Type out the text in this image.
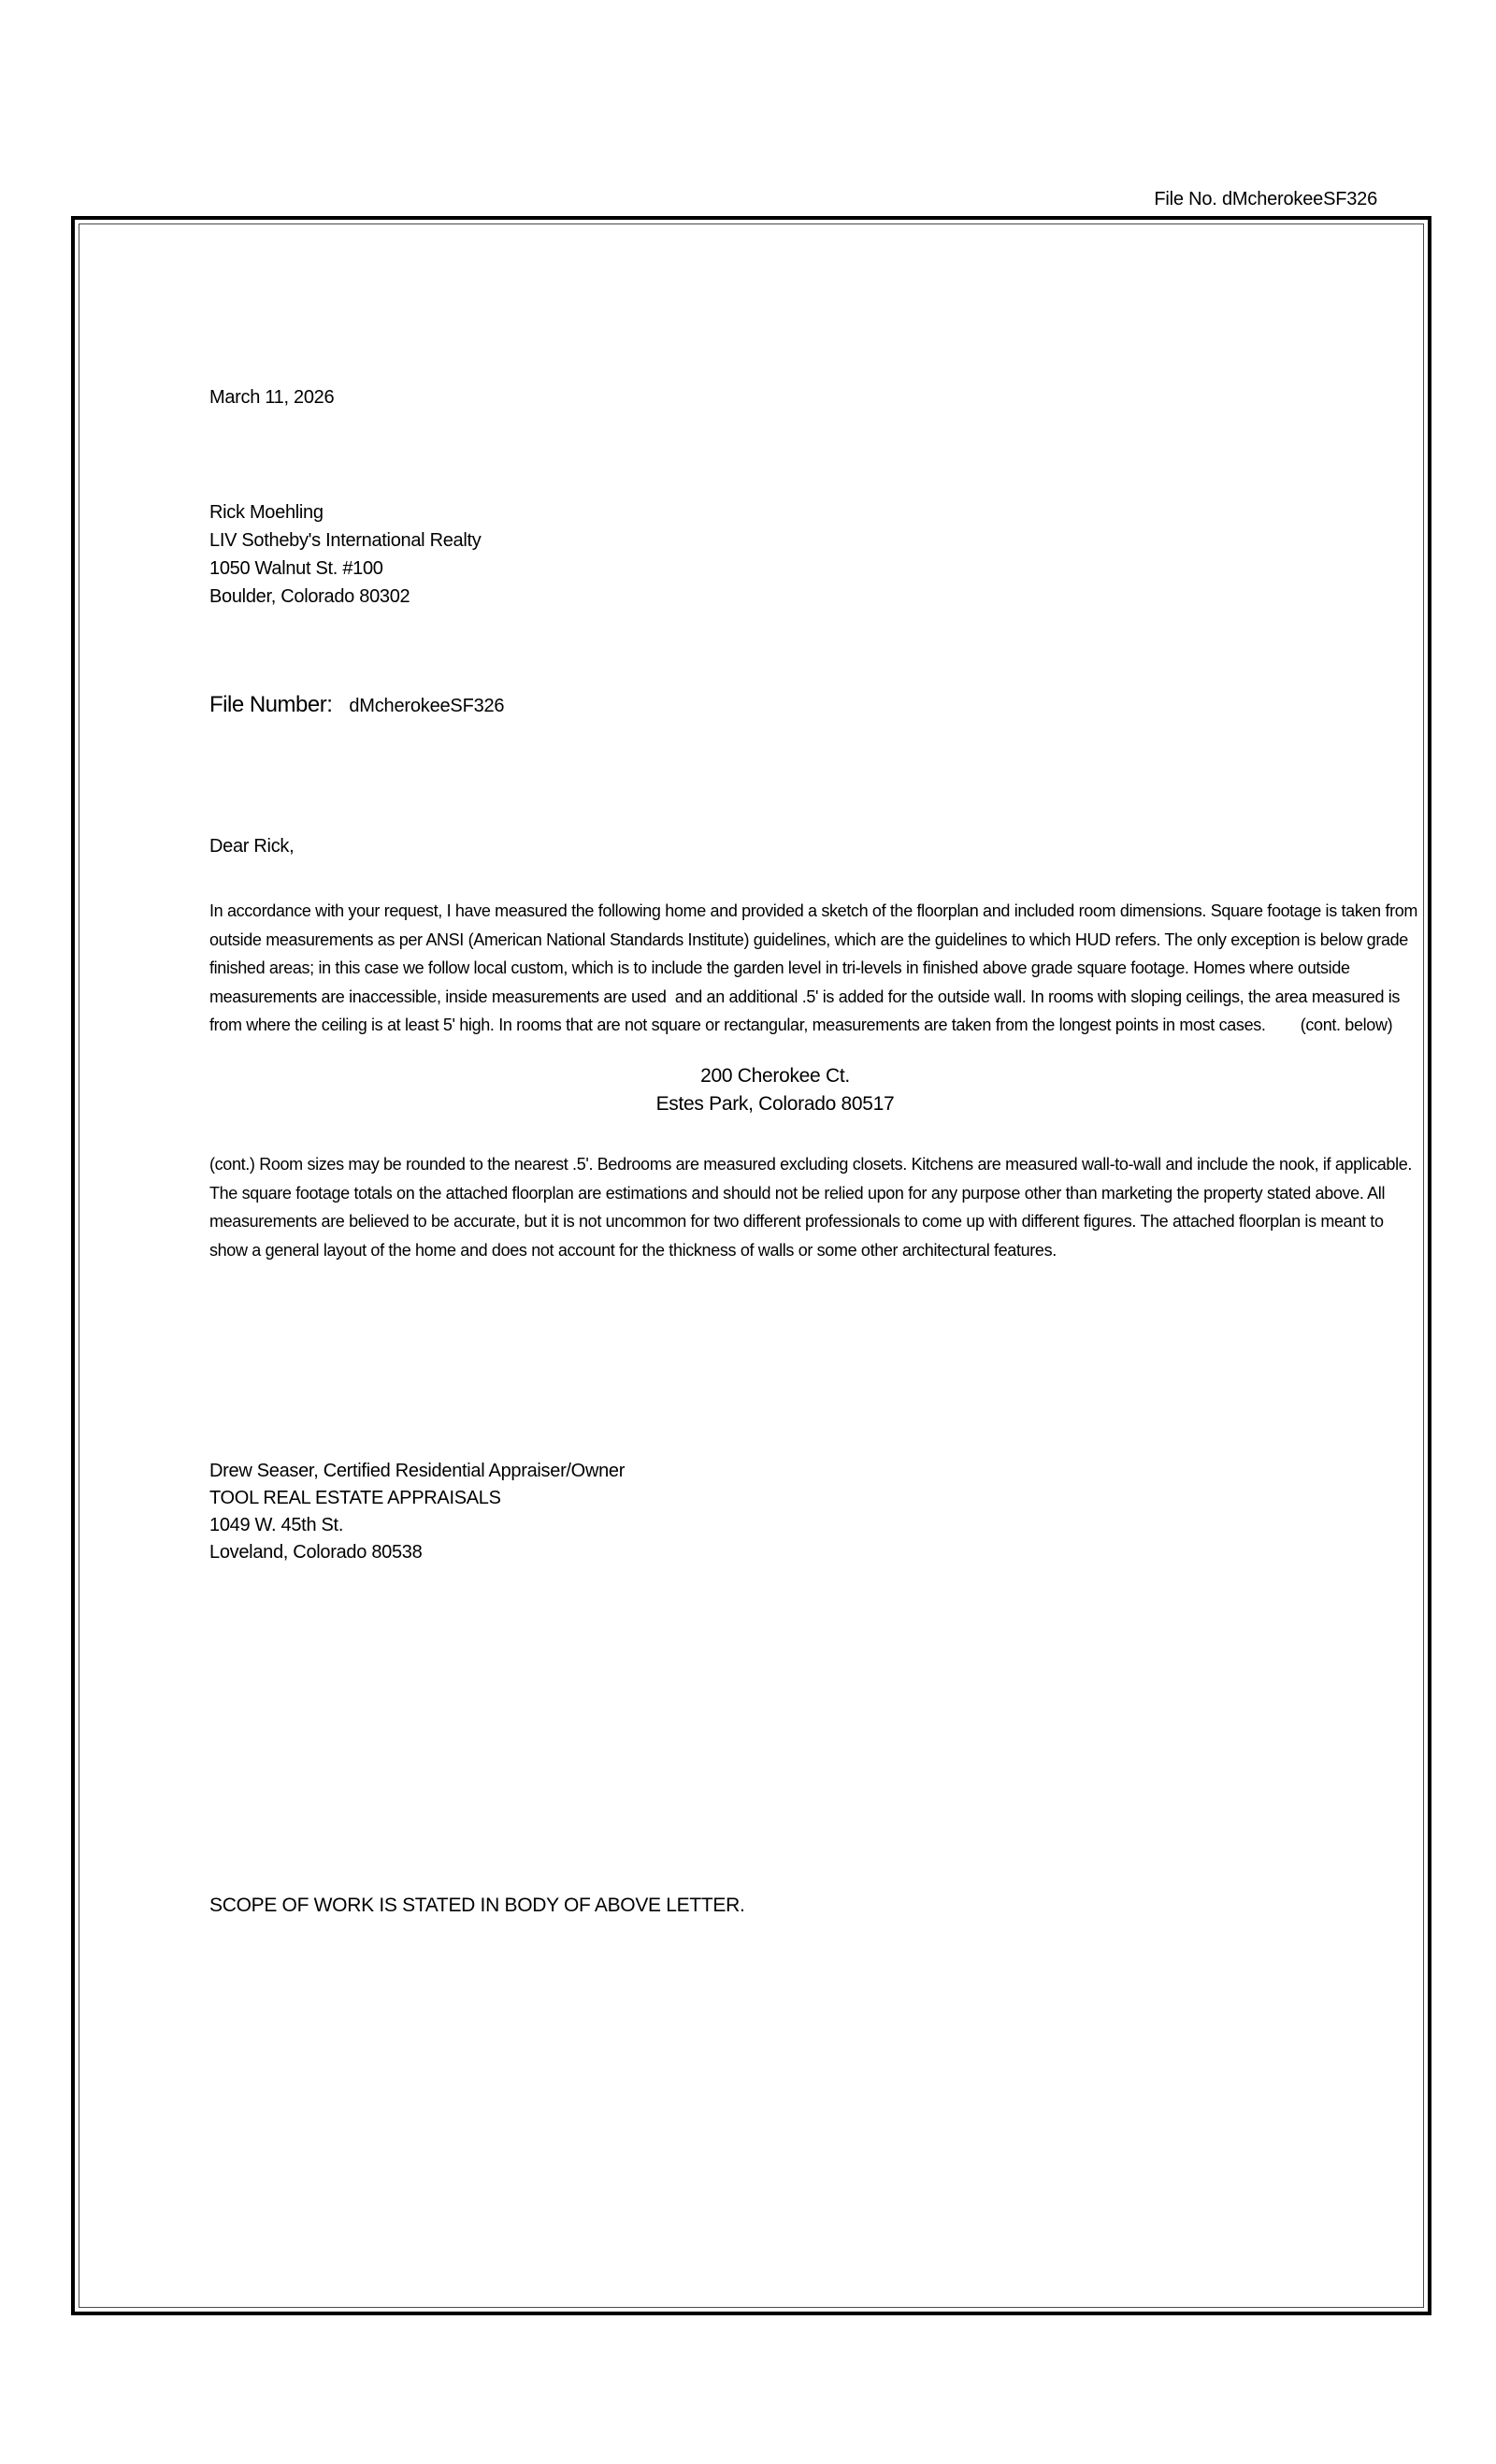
File No. dMcherokeeSF326
March 11, 2026
Rick Moehling
LIV Sotheby's International Realty
1050 Walnut St. #100
Boulder, Colorado 80302
File Number: dMcherokeeSF326
Dear Rick,
In accordance with your request, I have measured the following home and provided a sketch of the floorplan and included room dimensions. Square footage is taken from
outside measurements as per ANSI (American National Standards Institute) guidelines, which are the guidelines to which HUD refers. The only exception is below grade
finished areas; in this case we follow local custom, which is to include the garden level in tri-levels in finished above grade square footage. Homes where outside
measurements are inaccessible, inside measurements are used  and an additional .5' is added for the outside wall. In rooms with sloping ceilings, the area measured is
from where the ceiling is at least 5' high. In rooms that are not square or rectangular, measurements are taken from the longest points in most cases.        (cont. below)
200 Cherokee Ct.
Estes Park, Colorado 80517
(cont.) Room sizes may be rounded to the nearest .5'. Bedrooms are measured excluding closets. Kitchens are measured wall-to-wall and include the nook, if applicable.
The square footage totals on the attached floorplan are estimations and should not be relied upon for any purpose other than marketing the property stated above. All
measurements are believed to be accurate, but it is not uncommon for two different professionals to come up with different figures. The attached floorplan is meant to
show a general layout of the home and does not account for the thickness of walls or some other architectural features.
Drew Seaser, Certified Residential Appraiser/Owner
TOOL REAL ESTATE APPRAISALS
1049 W. 45th St.
Loveland, Colorado 80538
SCOPE OF WORK IS STATED IN BODY OF ABOVE LETTER.
